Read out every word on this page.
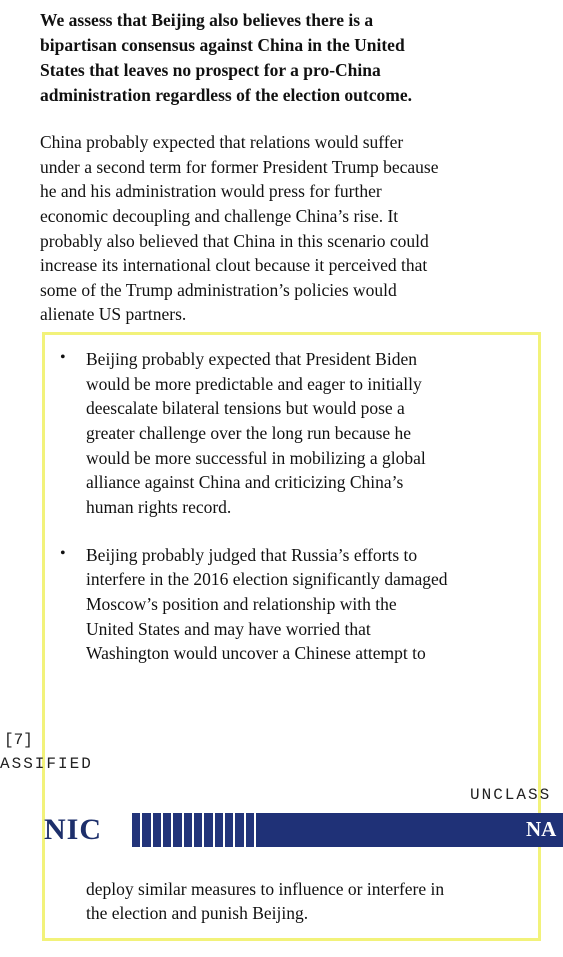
We assess that Beijing also believes there is a

bipartisan consensus against China in the United

States that leaves no prospect for a pro-China

administration regardless of the election outcome.

China probably expected that relations would suffer

under a second term for former President Trump because

he and his administration would press for further

economic decoupling and challenge China’s rise. It

probably also believed that China in this scenario could

increase its international clout because it perceived that

some of the Trump administration’s policies would

alienate US partners.

• Beijing probably expected that President Biden

would be more predictable and eager to initially

deescalate bilateral tensions but would pose a

greater challenge over the long run because he

would be more successful in mobilizing a global

alliance against China and criticizing China’s

human rights record.

• Beijing probably judged that Russia’s efforts to

interfere in the 2016 election significantly damaged

Moscow’s position and relationship with the

United States and may have worried that

Washington would uncover a Chinese attempt to

[7]
ASSIFIED
UNCLASS
NIC	NA

deploy similar measures to influence or interfere in

the election and punish Beijing.
